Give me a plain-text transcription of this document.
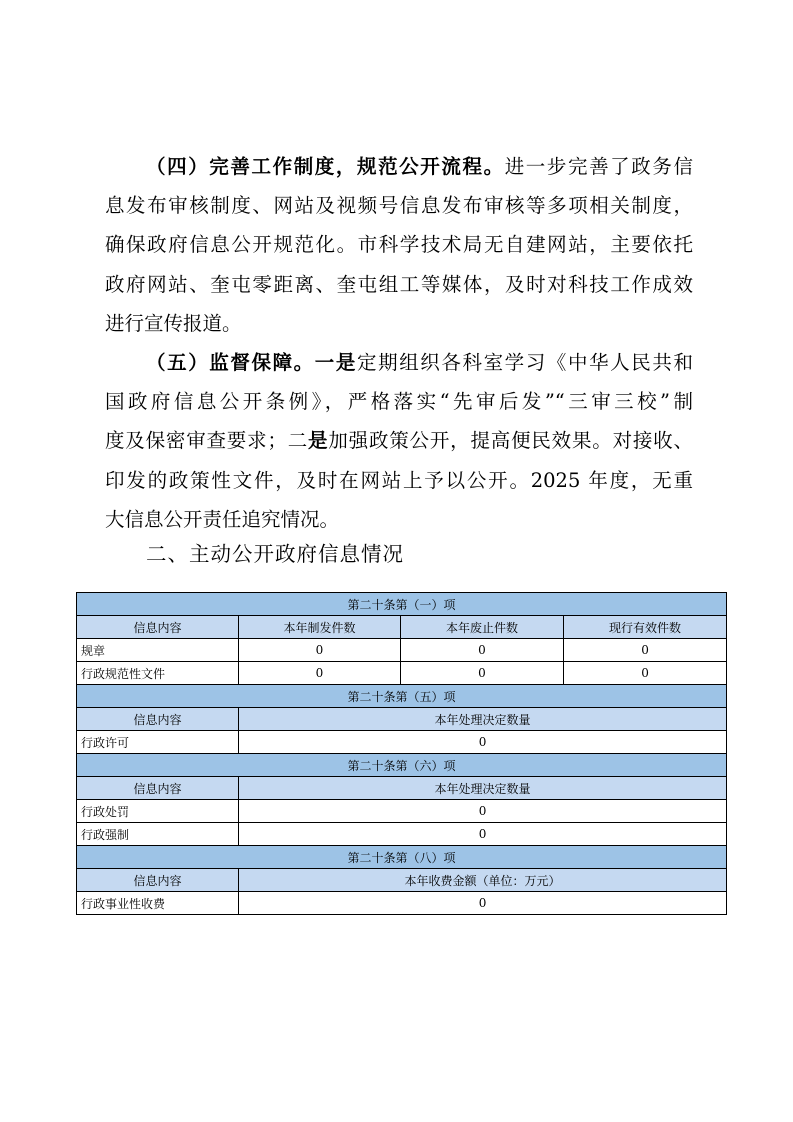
（四）完善工作制度，规范公开流程。进一步完善了政务信
息发布审核制度、网站及视频号信息发布审核等多项相关制度，
确保政府信息公开规范化。市科学技术局无自建网站，主要依托
政府网站、奎屯零距离、奎屯组工等媒体，及时对科技工作成效
进行宣传报道。
（五）监督保障。一是定期组织各科室学习《中华人民共和
国政府信息公开条例》，严格落实“先审后发”“三审三校”制
度及保密审查要求；二是加强政策公开，提高便民效果。对接收、
印发的政策性文件，及时在网站上予以公开。2025 年度，无重
大信息公开责任追究情况。
二、主动公开政府信息情况
第二十条第（一）项			
信息内容	本年制发件数	本年废止件数	现行有效件数
规章	0	0	0
行政规范性文件	0	0	0
第二十条第（五）项			
信息内容	本年处理决定数量		
行政许可	0		
第二十条第（六）项			
信息内容	本年处理决定数量		
行政处罚	0		
行政强制	0		
第二十条第（八）项			
信息内容	本年收费金额（单位：万元）		
行政事业性收费	0		
